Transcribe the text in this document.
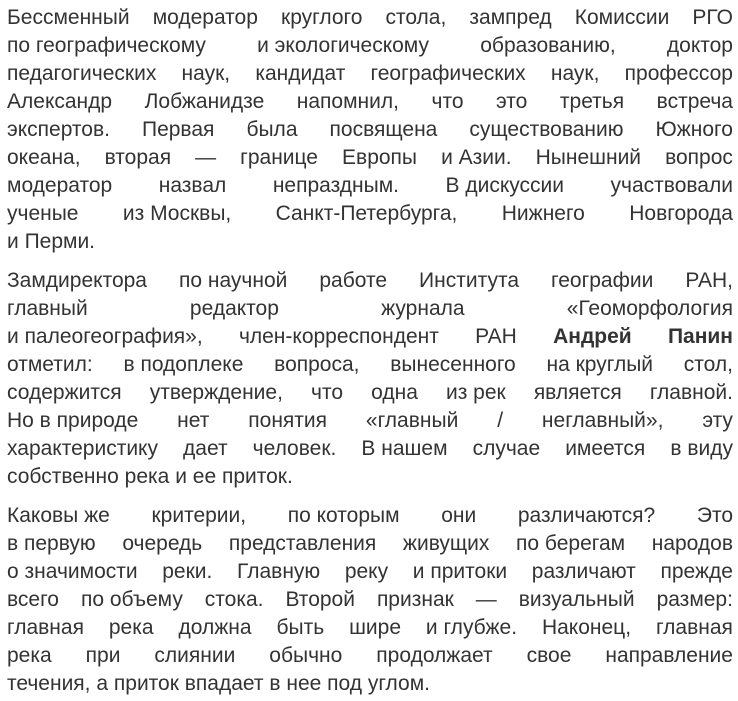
Бессменный модератор круглого стола, зампред Комиссии РГО
по географическому и экологическому образованию, доктор
педагогических наук, кандидат географических наук, профессор
Александр Лобжанидзе напомнил, что это третья встреча
экспертов. Первая была посвящена существованию Южного
океана, вторая — границе Европы и Азии. Нынешний вопрос
модератор назвал непраздным. В дискуссии участвовали
ученые из Москвы, Санкт-Петербурга, Нижнего Новгорода
и Перми.

Замдиректора по научной работе Института географии РАН,
главный	редактор	журнала	«Геоморфология
и палеогеография», член-корреспондент РАН Андрей Панин
отметил: в подоплеке вопроса, вынесенного на круглый стол,
содержится утверждение, что одна из рек является главной.
Но в природе нет понятия «главный / неглавный», эту
характеристику дает человек. В нашем случае имеется в виду
собственно река и ее приток.

Каковы же критерии, по которым они различаются? Это
в первую очередь представления живущих по берегам народов
о значимости реки. Главную реку и притоки различают прежде
всего по объему стока. Второй признак — визуальный размер:
главная река должна быть шире и глубже. Наконец, главная
река при слиянии обычно продолжает свое направление
течения, а приток впадает в нее под углом.
